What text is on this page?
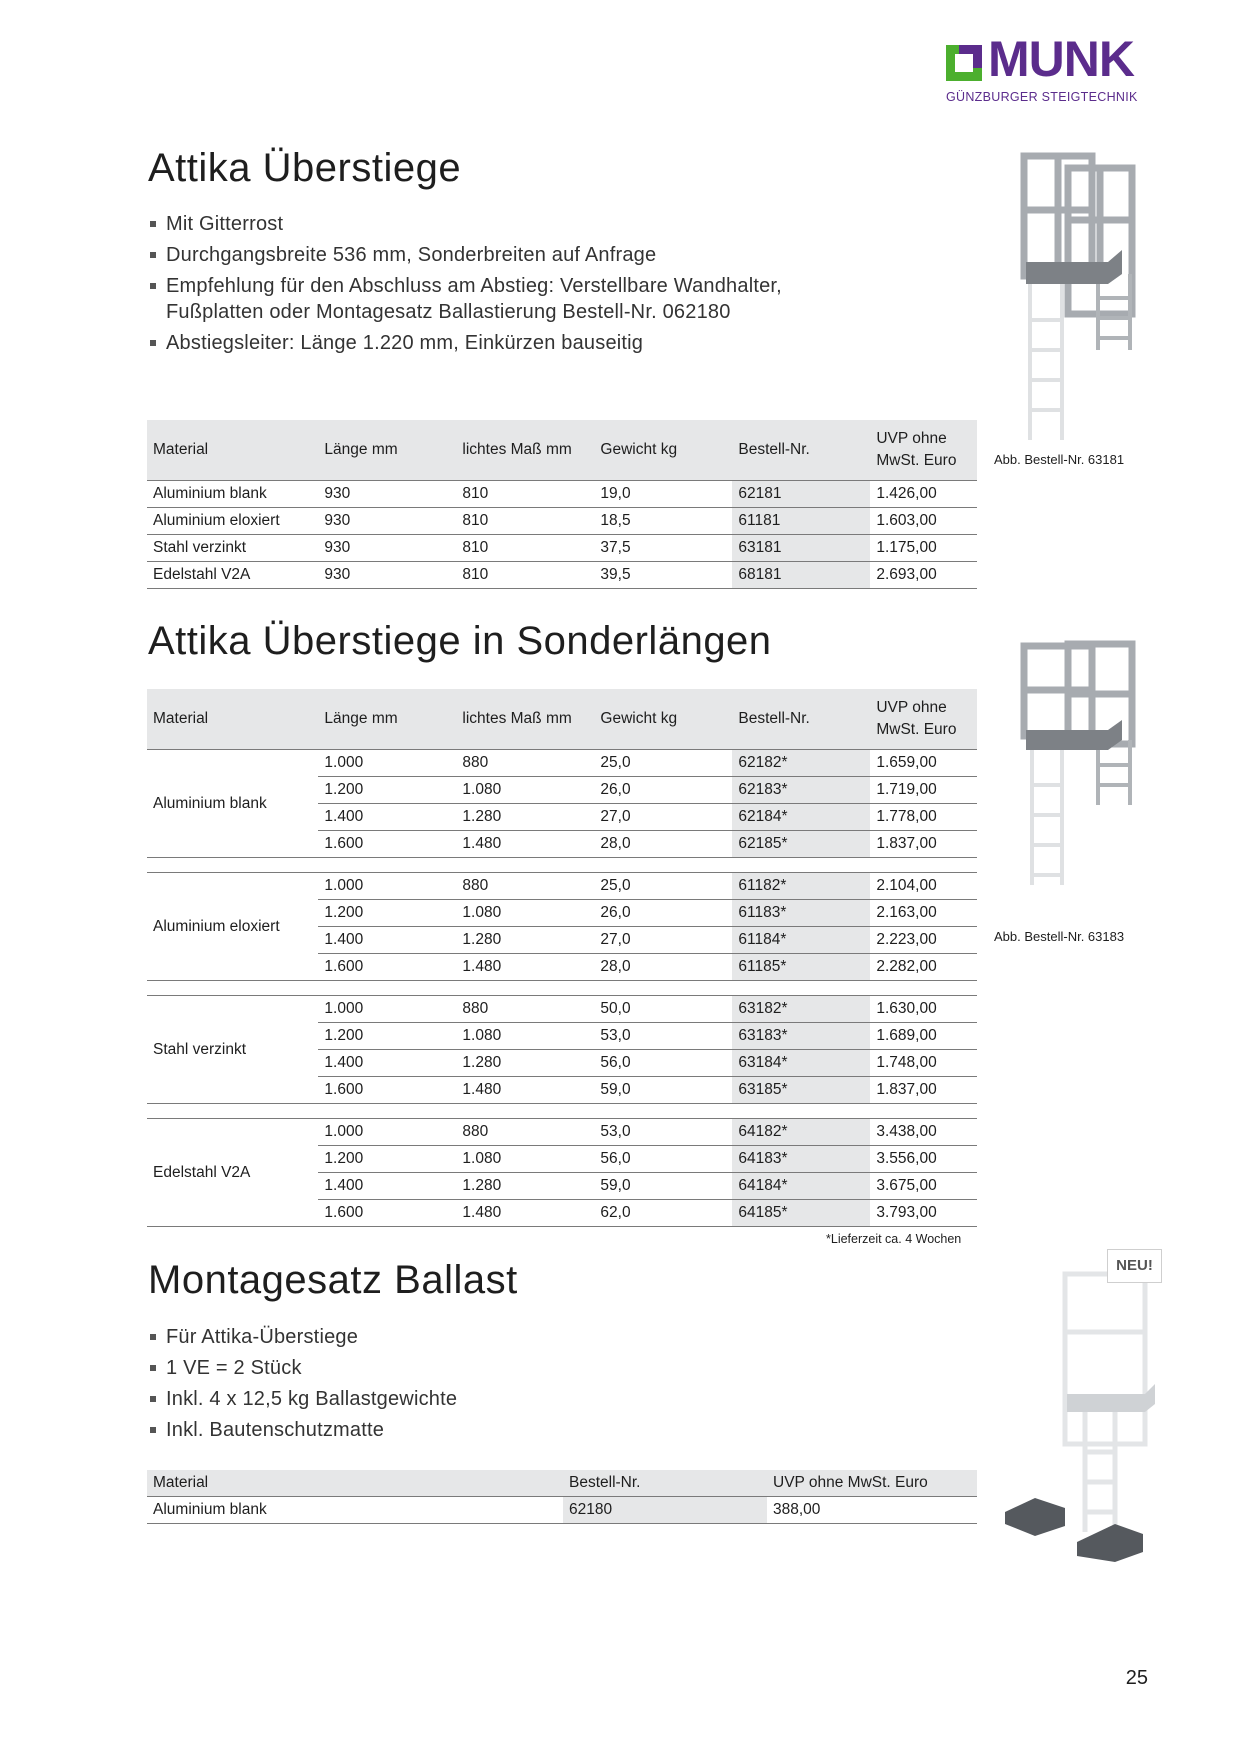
MUNK
GÜNZBURGER STEIGTECHNIK
Attika Überstiege
Mit Gitterrost
Durchgangsbreite 536 mm, Sonderbreiten auf Anfrage
Empfehlung für den Abschluss am Abstieg: Verstellbare Wandhalter, Fußplatten oder Montagesatz Ballastierung Bestell-Nr. 062180
Abstiegsleiter: Länge 1.220 mm, Einkürzen bauseitig
Material	Länge mm	lichtes Maß mm	Gewicht kg	Bestell-Nr.	UVP ohne MwSt. Euro
Aluminium blank	930	810	19,0	62181	1.426,00
Aluminium eloxiert	930	810	18,5	61181	1.603,00
Stahl verzinkt	930	810	37,5	63181	1.175,00
Edelstahl V2A	930	810	39,5	68181	2.693,00
Abb. Bestell-Nr. 63181
Attika Überstiege in Sonderlängen
Material	Länge mm	lichtes Maß mm	Gewicht kg	Bestell-Nr.	UVP ohne MwSt. Euro
Aluminium blank	1.000	880	25,0	62182*	1.659,00
	1.200	1.080	26,0	62183*	1.719,00
	1.400	1.280	27,0	62184*	1.778,00
	1.600	1.480	28,0	62185*	1.837,00

Aluminium eloxiert	1.000	880	25,0	61182*	2.104,00
	1.200	1.080	26,0	61183*	2.163,00
	1.400	1.280	27,0	61184*	2.223,00
	1.600	1.480	28,0	61185*	2.282,00

Stahl verzinkt	1.000	880	50,0	63182*	1.630,00
	1.200	1.080	53,0	63183*	1.689,00
	1.400	1.280	56,0	63184*	1.748,00
	1.600	1.480	59,0	63185*	1.837,00

Edelstahl V2A	1.000	880	53,0	64182*	3.438,00
	1.200	1.080	56,0	64183*	3.556,00
	1.400	1.280	59,0	64184*	3.675,00
	1.600	1.480	62,0	64185*	3.793,00
Abb. Bestell-Nr. 63183
*Lieferzeit ca. 4 Wochen
Montagesatz Ballast
Für Attika-Überstiege
1 VE = 2 Stück
Inkl. 4 x 12,5 kg Ballastgewichte
Inkl. Bautenschutzmatte
Material	Bestell-Nr.	UVP ohne MwSt. Euro
Aluminium blank	62180	388,00
NEU!
25
